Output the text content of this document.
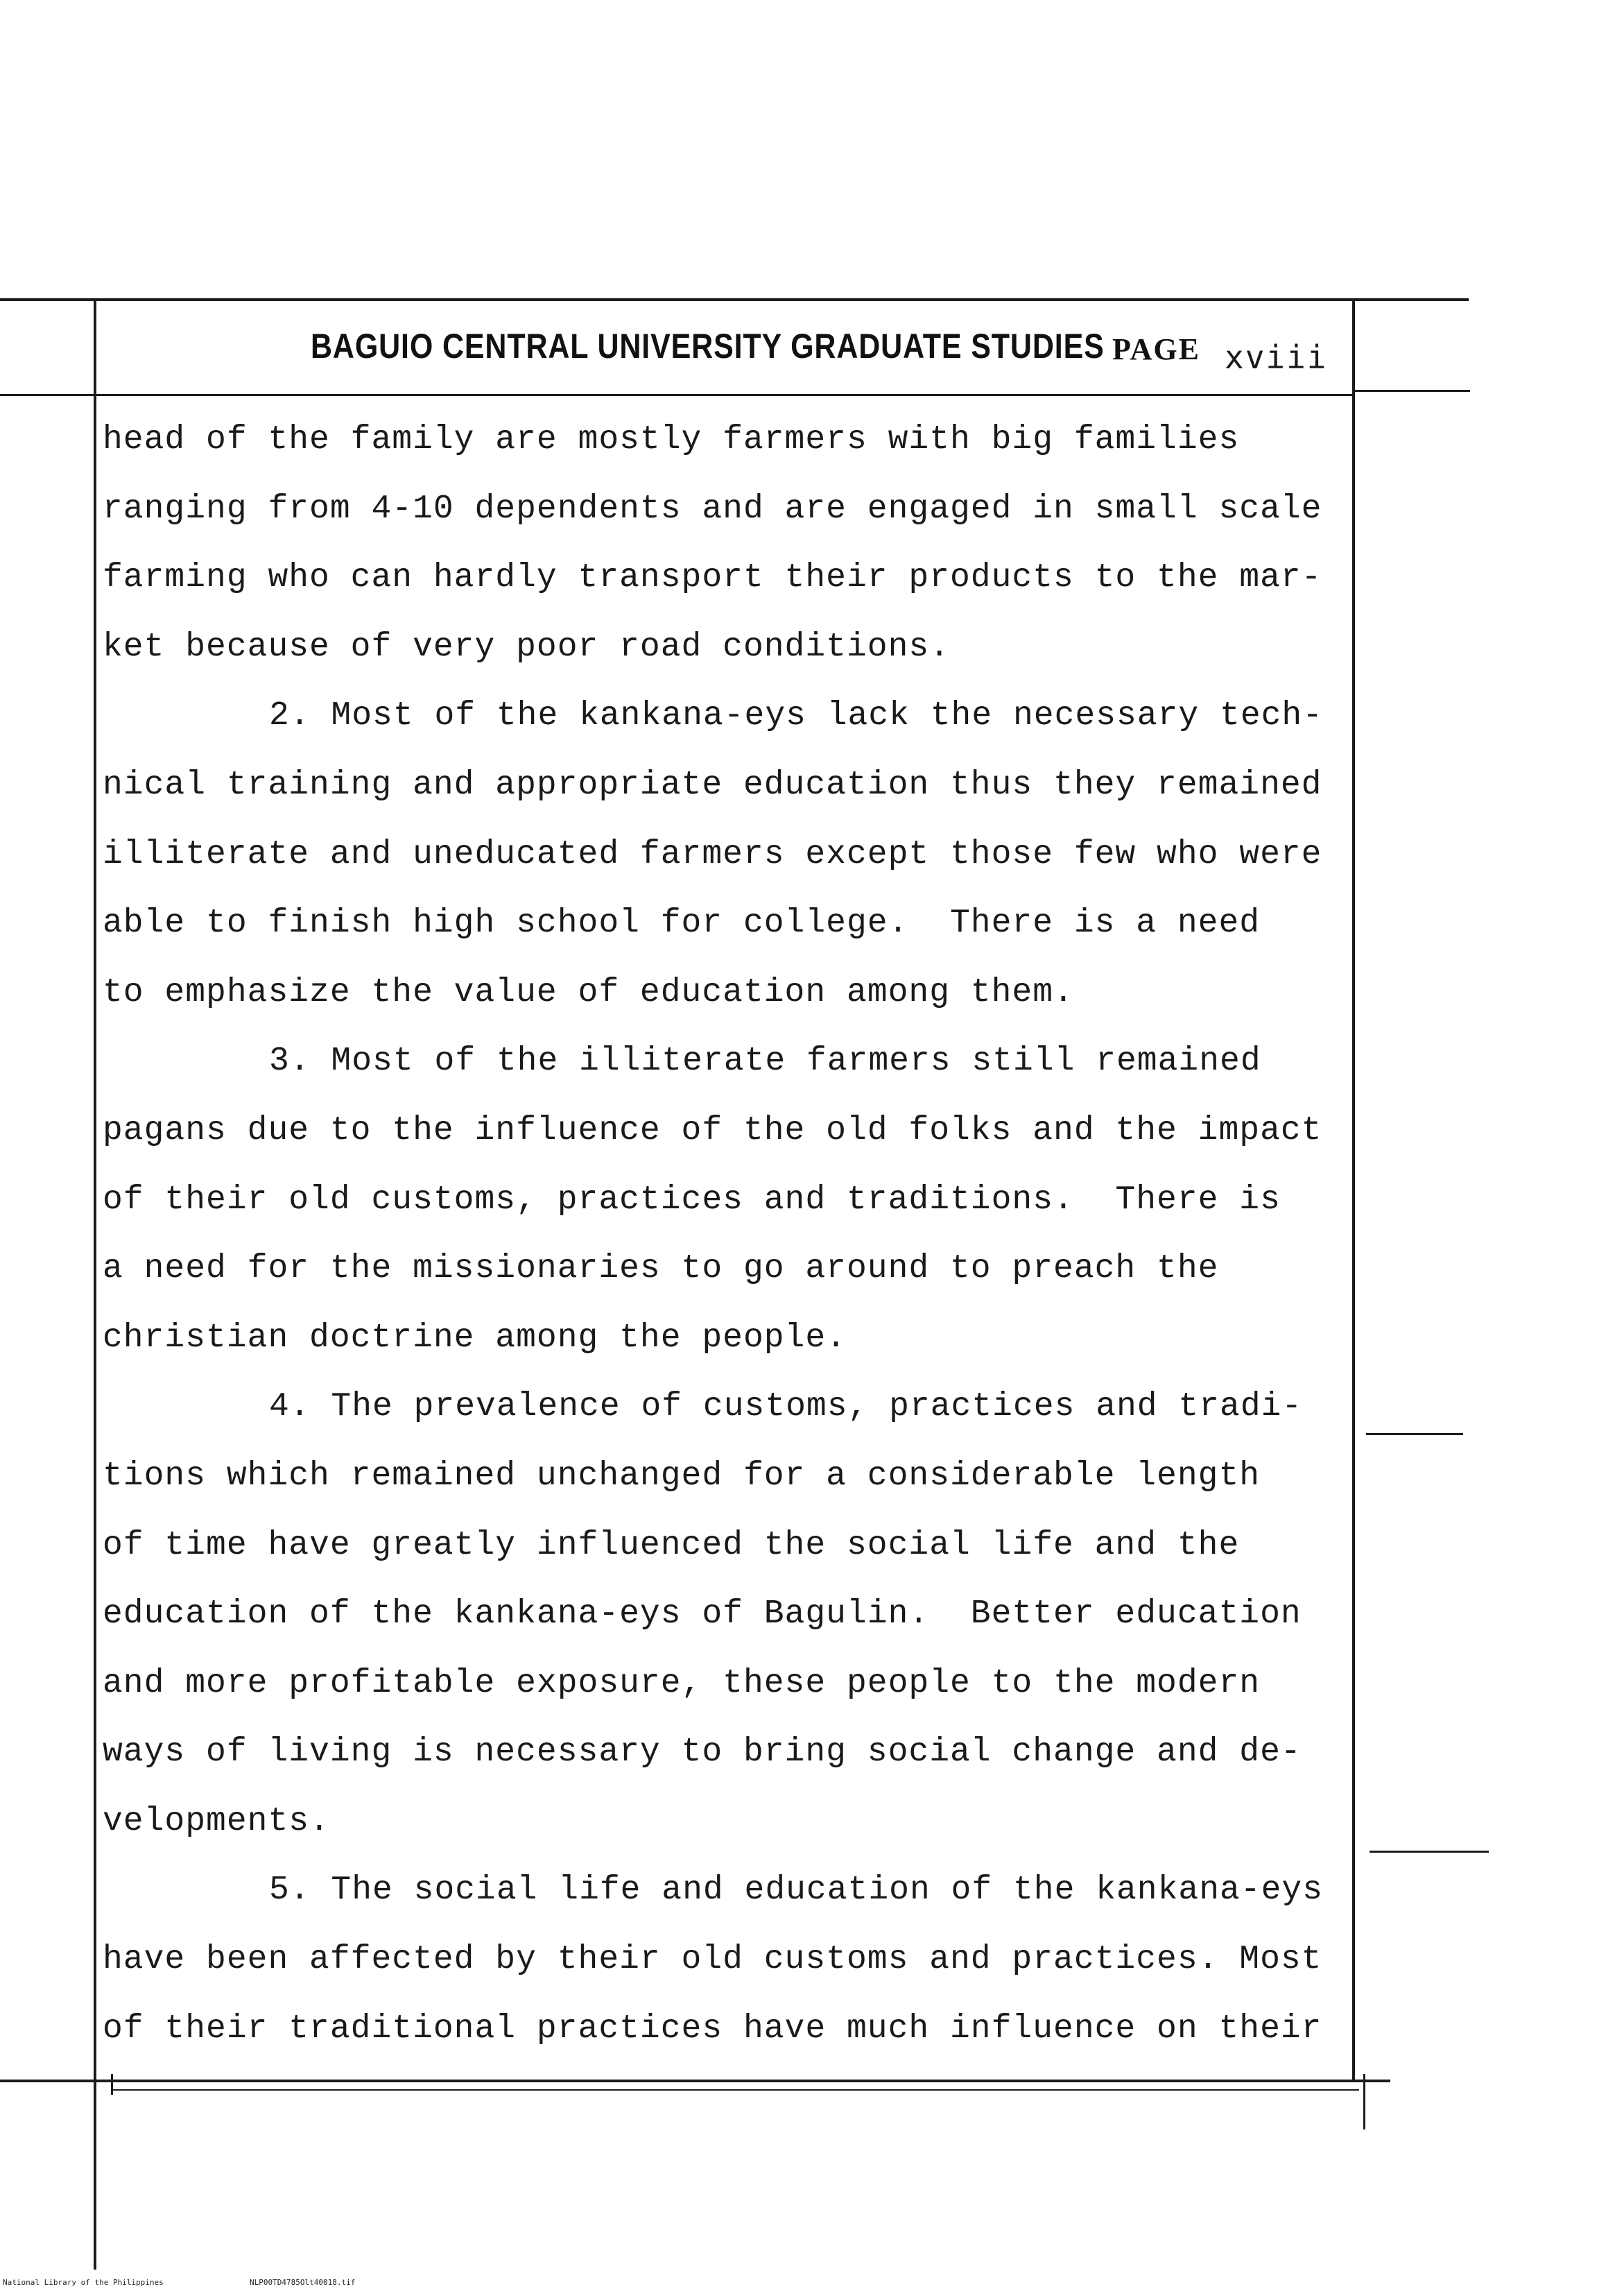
BAGUIO CENTRAL UNIVERSITY GRADUATE STUDIES PAGE xviii
head of the family are mostly farmers with big families
ranging from 4-10 dependents and are engaged in small scale
farming who can hardly transport their products to the mar-
ket because of very poor road conditions.
2. Most of the kankana-eys lack the necessary tech-
nical training and appropriate education thus they remained
illiterate and uneducated farmers except those few who were
able to finish high school for college.  There is a need
to emphasize the value of education among them.
3. Most of the illiterate farmers still remained
pagans due to the influence of the old folks and the impact
of their old customs, practices and traditions.  There is
a need for the missionaries to go around to preach the
christian doctrine among the people.
4. The prevalence of customs, practices and tradi-
tions which remained unchanged for a considerable length
of time have greatly influenced the social life and the
education of the kankana-eys of Bagulin.  Better education
and more profitable exposure, these people to the modern
ways of living is necessary to bring social change and de-
velopments.
5. The social life and education of the kankana-eys
have been affected by their old customs and practices. Most
of their traditional practices have much influence on their
National Library of the Philippines	NLP00TD4785Olt40018.tif
